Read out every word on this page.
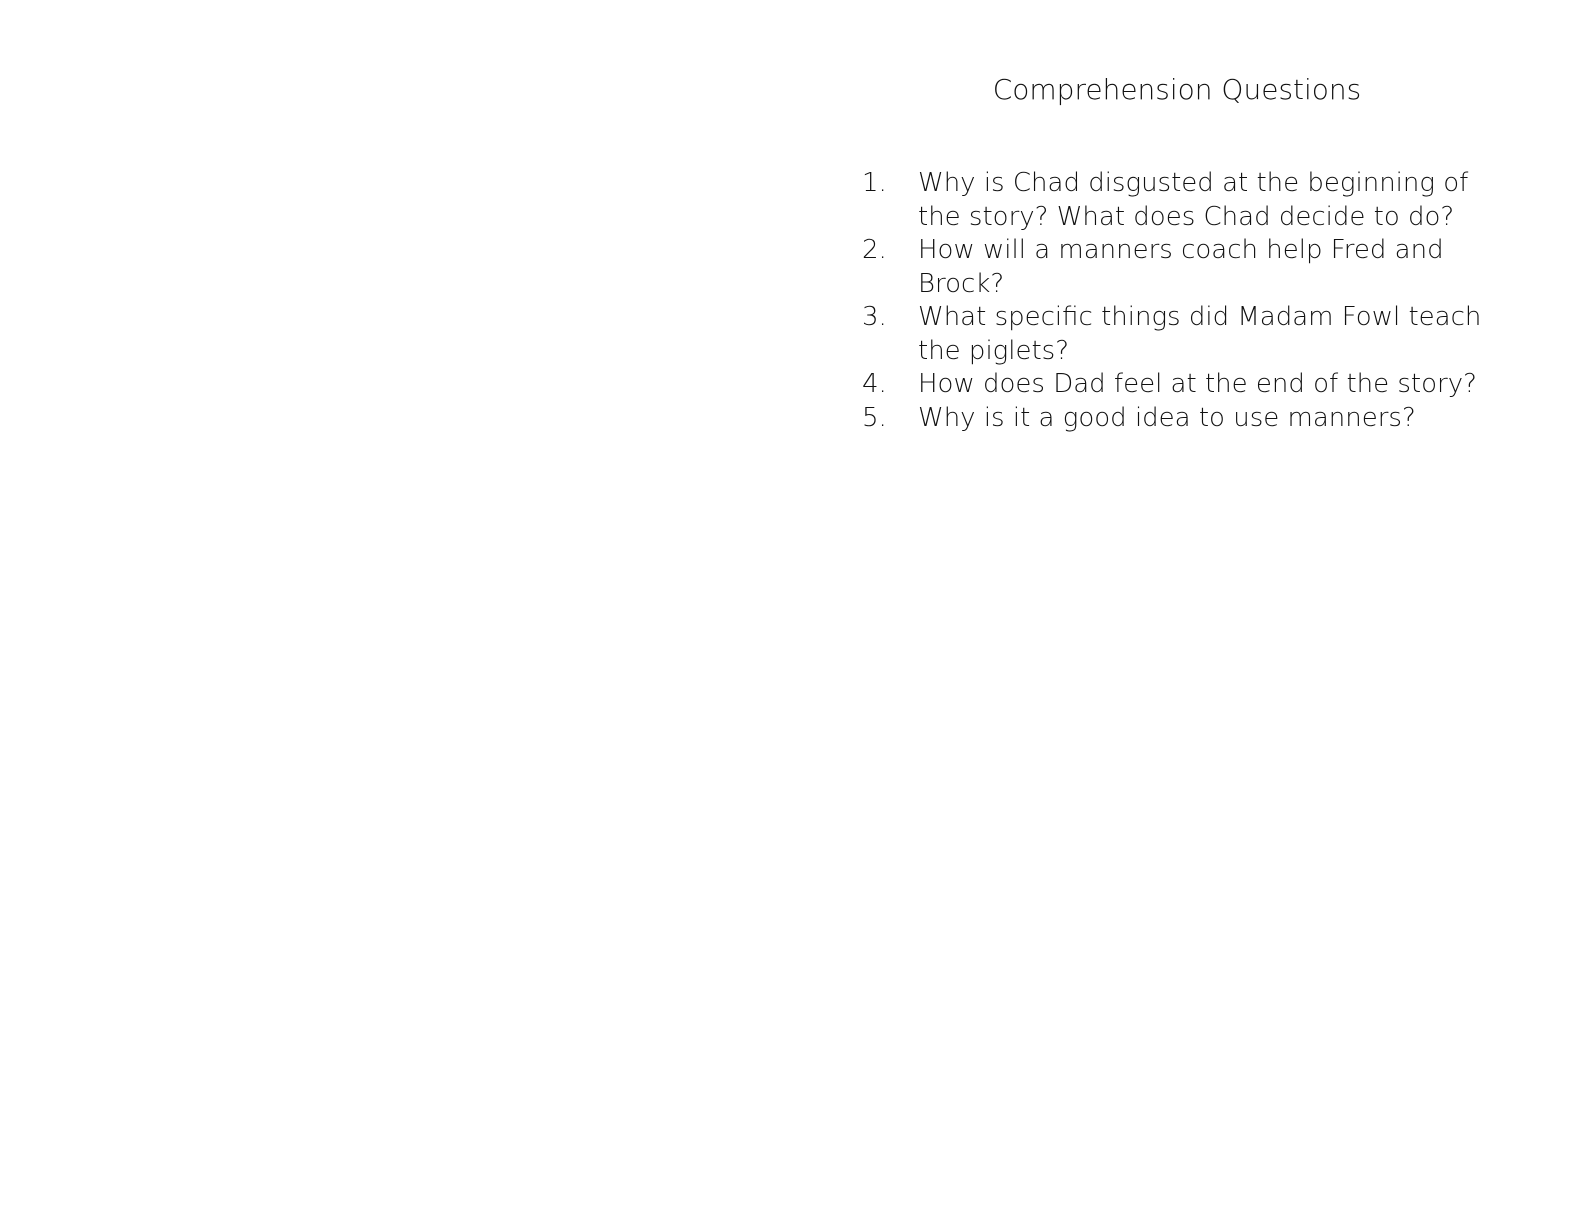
Comprehension Questions
1.	Why is Chad disgusted at the beginning of
the story? What does Chad decide to do?
2.	How will a manners coach help Fred and
Brock?
3.	What specific things did Madam Fowl teach
the piglets?
4.	How does Dad feel at the end of the story?
5.	Why is it a good idea to use manners?
